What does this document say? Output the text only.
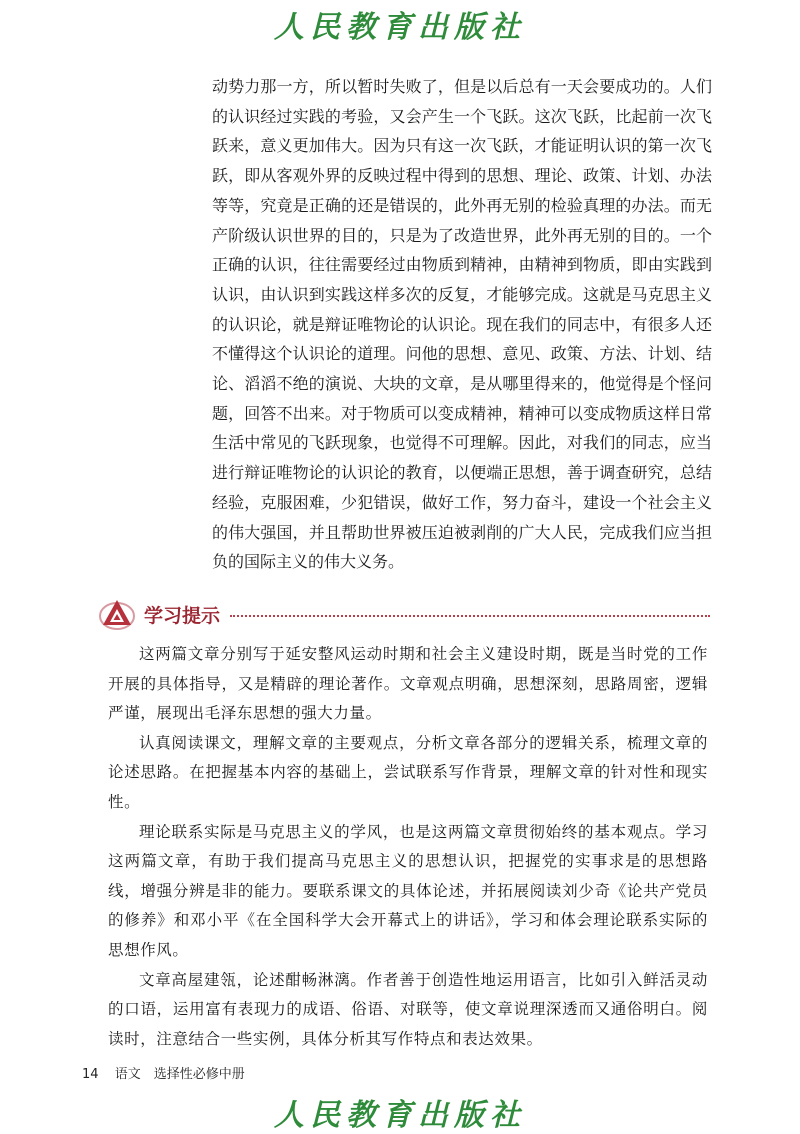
人民教育出版社

动势力那一方，所以暂时失败了，但是以后总有一天会要成功的。人们的认识经过实践的考验，又会产生一个飞跃。这次飞跃，比起前一次飞跃来，意义更加伟大。因为只有这一次飞跃，才能证明认识的第一次飞跃，即从客观外界的反映过程中得到的思想、理论、政策、计划、办法等等，究竟是正确的还是错误的，此外再无别的检验真理的办法。而无产阶级认识世界的目的，只是为了改造世界，此外再无别的目的。一个正确的认识，往往需要经过由物质到精神，由精神到物质，即由实践到认识，由认识到实践这样多次的反复，才能够完成。这就是马克思主义的认识论，就是辩证唯物论的认识论。现在我们的同志中，有很多人还不懂得这个认识论的道理。问他的思想、意见、政策、方法、计划、结论、滔滔不绝的演说、大块的文章，是从哪里得来的，他觉得是个怪问题，回答不出来。对于物质可以变成精神，精神可以变成物质这样日常生活中常见的飞跃现象，也觉得不可理解。因此，对我们的同志，应当进行辩证唯物论的认识论的教育，以便端正思想，善于调查研究，总结经验，克服困难，少犯错误，做好工作，努力奋斗，建设一个社会主义的伟大强国，并且帮助世界被压迫被剥削的广大人民，完成我们应当担负的国际主义的伟大义务。

学习提示

这两篇文章分别写于延安整风运动时期和社会主义建设时期，既是当时党的工作开展的具体指导，又是精辟的理论著作。文章观点明确，思想深刻，思路周密，逻辑严谨，展现出毛泽东思想的强大力量。

认真阅读课文，理解文章的主要观点，分析文章各部分的逻辑关系，梳理文章的论述思路。在把握基本内容的基础上，尝试联系写作背景，理解文章的针对性和现实性。

理论联系实际是马克思主义的学风，也是这两篇文章贯彻始终的基本观点。学习这两篇文章，有助于我们提高马克思主义的思想认识，把握党的实事求是的思想路线，增强分辨是非的能力。要联系课文的具体论述，并拓展阅读刘少奇《论共产党员的修养》和邓小平《在全国科学大会开幕式上的讲话》，学习和体会理论联系实际的思想作风。

文章高屋建瓴，论述酣畅淋漓。作者善于创造性地运用语言，比如引入鲜活灵动的口语，运用富有表现力的成语、俗语、对联等，使文章说理深透而又通俗明白。阅读时，注意结合一些实例，具体分析其写作特点和表达效果。

14 语文　选择性必修中册
人民教育出版社
